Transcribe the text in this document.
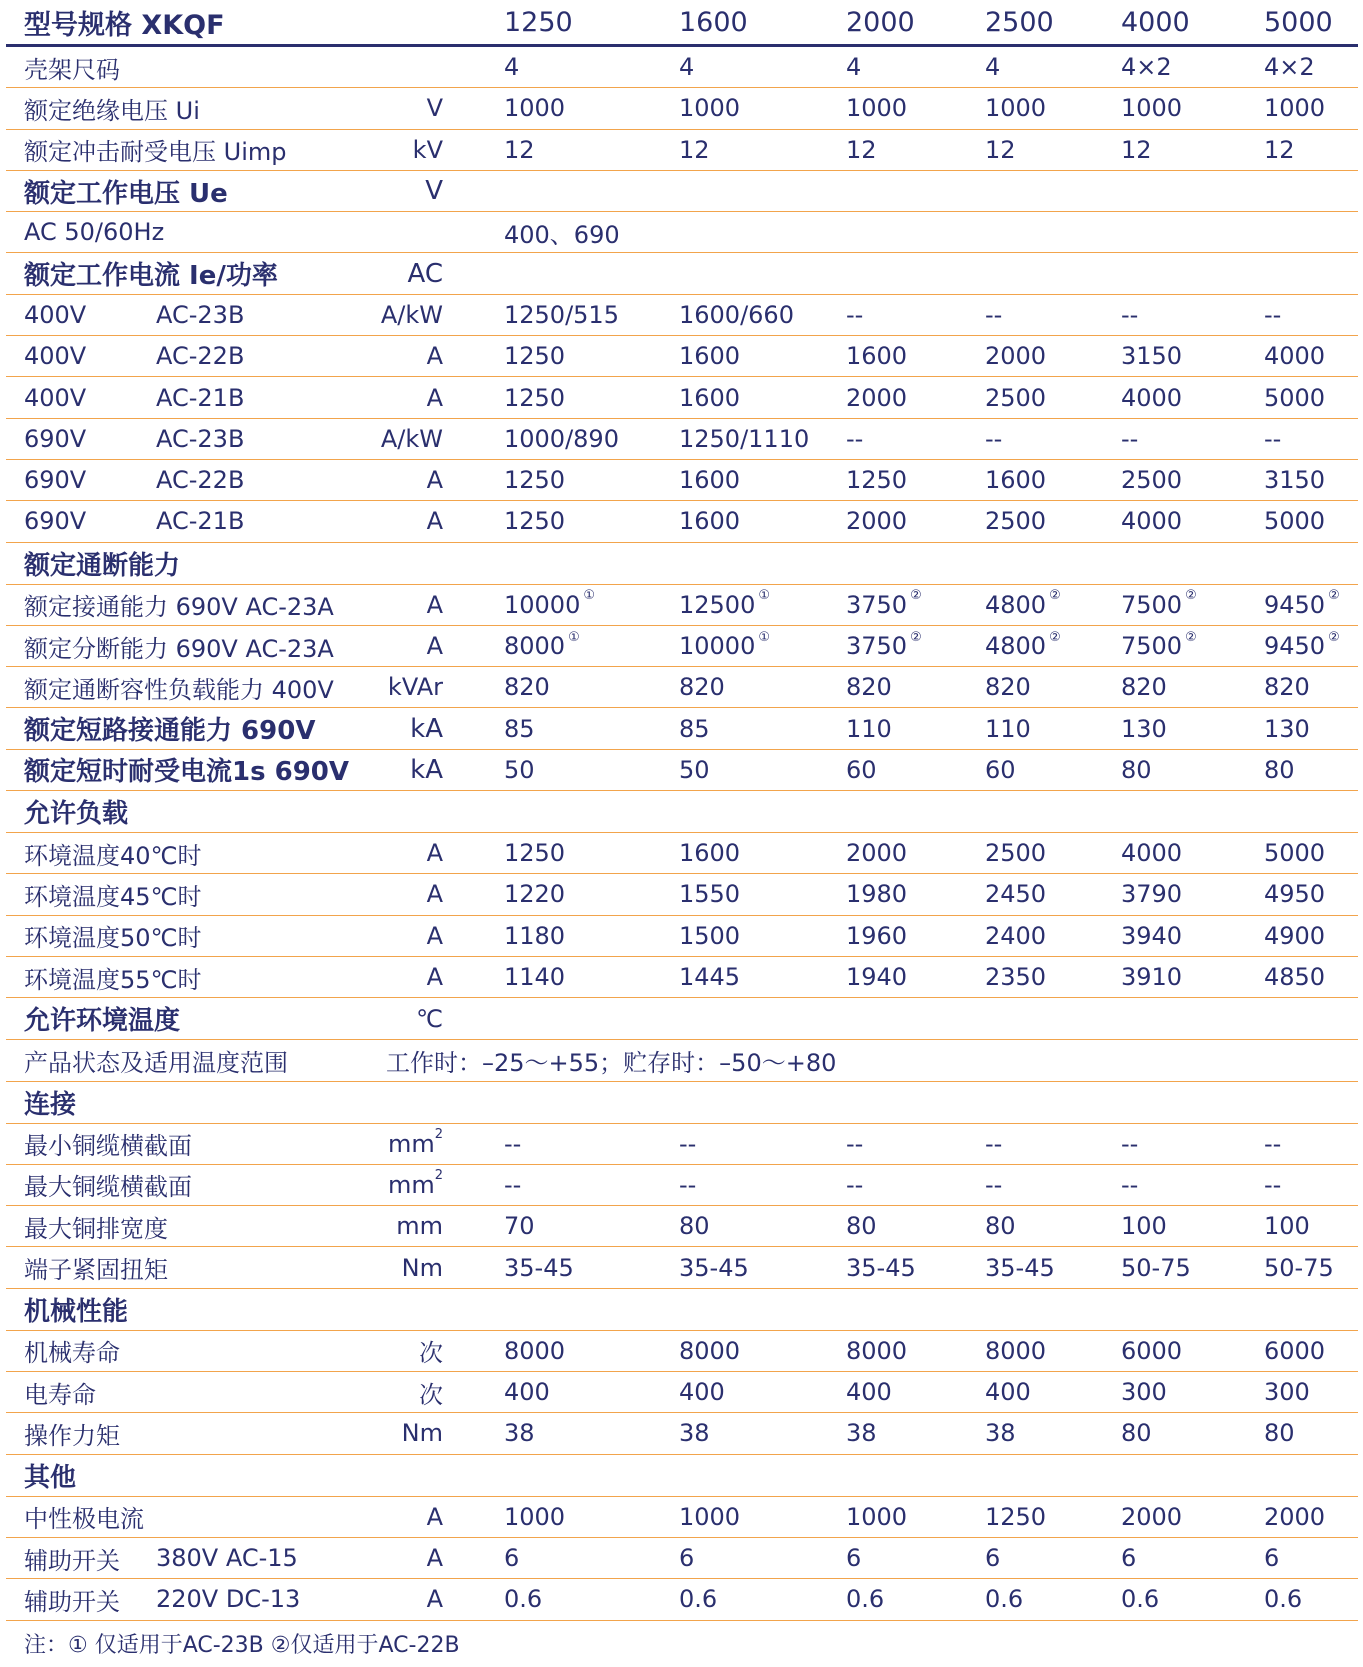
型号规格 XKQF	1250	1600	2000	2500 4000	5000
壳架尺码	4	4	4	4	4×2	4×2
额定绝缘电压 Ui	V	1000	1000	1000	1000	1000	1000
额定冲击耐受电压 Uimp	kV	12	12	12	12	12	12
额定工作电压 Ue	V
AC 50/60Hz	400、690
额定工作电流 Ie/功率	AC
400V	AC-23B	A/kW	1250/515	1600/660 --	--	--	--
400V	AC-22B	A	1250	1600	1600	2000	3150	4000
400V	AC-21B	A	1250	1600	2000	2500	4000	5000
690V	AC-23B	A/kW	1000/890	1250/1110 --	--	--	--
690V	AC-22B	A	1250	1600	1250	1600	2500	3150
690V	AC-21B	A	1250	1600	2000	2500	4000	5000
额定通断能力
额定接通能力 690V AC-23A	A	10000 ①	12500 ①	3750 ②	4800 ②	7500 ②	9450 ②
额定分断能力 690V AC-23A	A	8000 ①	10000 ①	3750 ②	4800 ②	7500 ②	9450 ②
额定通断容性负载能力 400V kVAr	820	820	820	820	820	820
额定短路接通能力 690V	kA	85	85	110	110	130	130
额定短时耐受电流1s 690V kA	50	50	60	60	80	80
允许负载
环境温度40℃时	A	1250	1600	2000	2500	4000	5000
环境温度45℃时	A	1220	1550	1980	2450	3790	4950
环境温度50℃时	A	1180	1500	1960	2400	3940	4900
环境温度55℃时	A	1140	1445	1940	2350	3910	4850
允许环境温度	℃
产品状态及适用温度范围	工作时：–25～+55；贮存时：–50～+80
连接
最小铜缆横截面	mm 2	--	--	--	--	--	--
最大铜缆横截面	mm 2	--	--	--	--	--	--
最大铜排宽度	mm	70	80	80	80	100	100
端子紧固扭矩	Nm	35-45	35-45	35-45	35-45	50-75	50-75
机械性能
机械寿命	次	8000	8000	8000	8000	6000	6000
电寿命	次	400	400	400	400	300	300
操作力矩	Nm	38	38	38	38	80	80
其他
中性极电流	A	1000	1000	1000	1250	2000	2000
辅助开关 380V AC-15	A	6	6	6	6	6	6
辅助开关 220V DC-13	A	0.6	0.6	0.6	0.6	0.6	0.6
注：① 仅适用于AC-23B ②仅适用于AC-22B
